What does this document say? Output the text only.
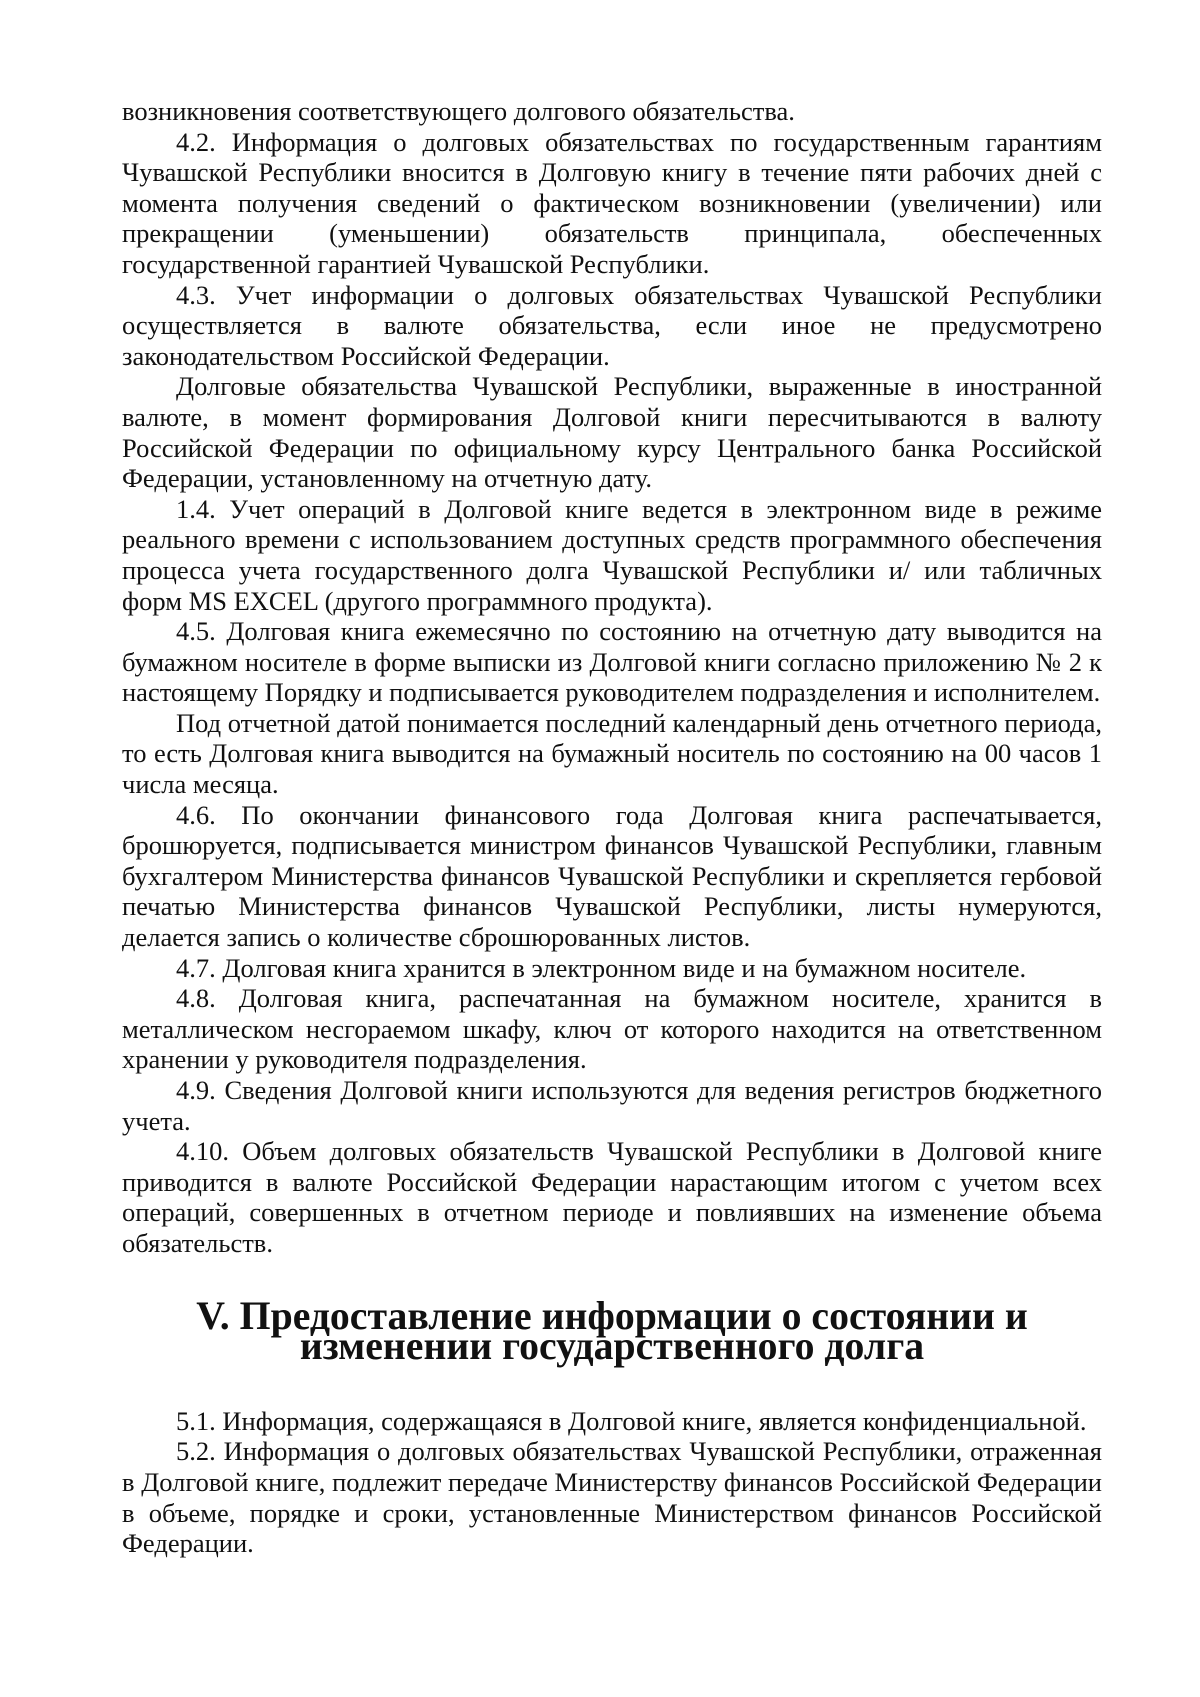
возникновения соответствующего долгового обязательства.

4.2. Информация о долговых обязательствах по государственным гарантиям Чувашской Республики вносится в Долговую книгу в течение пяти рабочих дней с момента получения сведений о фактическом возникновении (увеличении) или прекращении (уменьшении) обязательств принципала, обеспеченных государственной гарантией Чувашской Республики.

4.3. Учет информации о долговых обязательствах Чувашской Республики осуществляется в валюте обязательства, если иное не предусмотрено законодательством Российской Федерации.

Долговые обязательства Чувашской Республики, выраженные в иностранной валюте, в момент формирования Долговой книги пересчитываются в валюту Российской Федерации по официальному курсу Центрального банка Российской Федерации, установленному на отчетную дату.

1.4. Учет операций в Долговой книге ведется в электронном виде в режиме реального времени с использованием доступных средств программного обеспечения процесса учета государственного долга Чувашской Республики и/ или табличных форм MS EXCEL (другого программного продукта).

4.5. Долговая книга ежемесячно по состоянию на отчетную дату выводится на бумажном носителе в форме выписки из Долговой книги согласно приложению № 2 к настоящему Порядку и подписывается руководителем подразделения и исполнителем.

Под отчетной датой понимается последний календарный день отчетного периода, то есть Долговая книга выводится на бумажный носитель по состоянию на 00 часов 1 числа месяца.

4.6. По окончании финансового года Долговая книга распечатывается, брошюруется, подписывается министром финансов Чувашской Республики, главным бухгалтером Министерства финансов Чувашской Республики и скрепляется гербовой печатью Министерства финансов Чувашской Республики, листы нумеруются, делается запись о количестве сброшюрованных листов.

4.7. Долговая книга хранится в электронном виде и на бумажном носителе.

4.8. Долговая книга, распечатанная на бумажном носителе, хранится в металлическом несгораемом шкафу, ключ от которого находится на ответственном хранении у руководителя подразделения.

4.9. Сведения Долговой книги используются для ведения регистров бюджетного учета.

4.10. Объем долговых обязательств Чувашской Республики в Долговой книге приводится в валюте Российской Федерации нарастающим итогом с учетом всех операций, совершенных в отчетном периоде и повлиявших на изменение объема обязательств.

V. Предоставление информации о состоянии и изменении государственного долга

5.1. Информация, содержащаяся в Долговой книге, является конфиденциальной.

5.2. Информация о долговых обязательствах Чувашской Республики, отраженная в Долговой книге, подлежит передаче Министерству финансов Российской Федерации в объеме, порядке и сроки, установленные Министерством финансов Российской Федерации.
